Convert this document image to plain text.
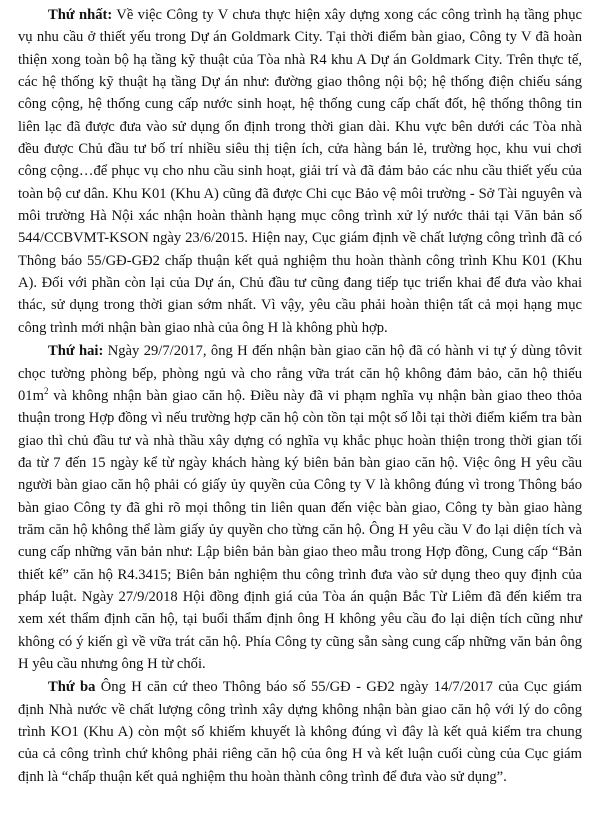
Thứ nhất: Về việc Công ty V chưa thực hiện xây dựng xong các công trình hạ tầng phục vụ nhu cầu ở thiết yếu trong Dự án Goldmark City. Tại thời điểm bàn giao, Công ty V đã hoàn thiện xong toàn bộ hạ tầng kỹ thuật của Tòa nhà R4 khu A Dự án Goldmark City. Trên thực tế, các hệ thống kỹ thuật hạ tầng Dự án như: đường giao thông nội bộ; hệ thống điện chiếu sáng công cộng, hệ thống cung cấp nước sinh hoạt, hệ thống cung cấp chất đốt, hệ thống thông tin liên lạc đã được đưa vào sử dụng ổn định trong thời gian dài. Khu vực bên dưới các Tòa nhà đều được Chủ đầu tư bố trí nhiều siêu thị tiện ích, cửa hàng bán lẻ, trường học, khu vui chơi công cộng…để phục vụ cho nhu cầu sinh hoạt, giải trí và đã đảm bảo các nhu cầu thiết yếu của toàn bộ cư dân. Khu K01 (Khu A) cũng đã được Chi cục Bảo vệ môi trường - Sở Tài nguyên và môi trường Hà Nội xác nhận hoàn thành hạng mục công trình xử lý nước thải tại Văn bản số 544/CCBVMT-KSON ngày 23/6/2015. Hiện nay, Cục giám định về chất lượng công trình đã có Thông báo 55/GĐ-GĐ2 chấp thuận kết quả nghiệm thu hoàn thành công trình Khu K01 (Khu A). Đối với phần còn lại của Dự án, Chủ đầu tư cũng đang tiếp tục triển khai để đưa vào khai thác, sử dụng trong thời gian sớm nhất. Vì vậy, yêu cầu phải hoàn thiện tất cả mọi hạng mục công trình mới nhận bàn giao nhà của ông H là không phù hợp.

Thứ hai: Ngày 29/7/2017, ông H đến nhận bàn giao căn hộ đã có hành vi tự ý dùng tôvit chọc tường phòng bếp, phòng ngủ và cho rằng vữa trát căn hộ không đảm bảo, căn hộ thiếu $01m^2$ và không nhận bàn giao căn hộ. Điều này đã vi phạm nghĩa vụ nhận bàn giao theo thỏa thuận trong Hợp đồng vì nếu trường hợp căn hộ còn tồn tại một số lỗi tại thời điểm kiểm tra bàn giao thì chủ đầu tư và nhà thầu xây dựng có nghĩa vụ khắc phục hoàn thiện trong thời gian tối đa từ 7 đến 15 ngày kể từ ngày khách hàng ký biên bản bàn giao căn hộ. Việc ông H yêu cầu người bàn giao căn hộ phải có giấy ủy quyền của Công ty V là không đúng vì trong Thông báo bàn giao Công ty đã ghi rõ mọi thông tin liên quan đến việc bàn giao, Công ty bàn giao hàng trăm căn hộ không thể làm giấy ủy quyền cho từng căn hộ. Ông H yêu cầu V đo lại diện tích và cung cấp những văn bản như: Lập biên bản bàn giao theo mẫu trong Hợp đồng, Cung cấp “Bản thiết kế” căn hộ R4.3415; Biên bản nghiệm thu công trình đưa vào sử dụng theo quy định của pháp luật. Ngày 27/9/2018 Hội đồng định giá của Tòa án quận Bắc Từ Liêm đã đến kiểm tra xem xét thẩm định căn hộ, tại buổi thẩm định ông H không yêu cầu đo lại diện tích cũng như không có ý kiến gì về vữa trát căn hộ. Phía Công ty cũng sẵn sàng cung cấp những văn bản ông H yêu cầu nhưng ông H từ chối.

Thứ ba Ông H căn cứ theo Thông báo số 55/GĐ - GĐ2 ngày 14/7/2017 của Cục giám định Nhà nước về chất lượng công trình xây dựng không nhận bàn giao căn hộ với lý do công trình KO1 (Khu A) còn một số khiếm khuyết là không đúng vì đây là kết quả kiểm tra chung của cả công trình chứ không phải riêng căn hộ của ông H và kết luận cuối cùng của Cục giám định là “chấp thuận kết quả nghiệm thu hoàn thành công trình để đưa vào sử dụng”.
